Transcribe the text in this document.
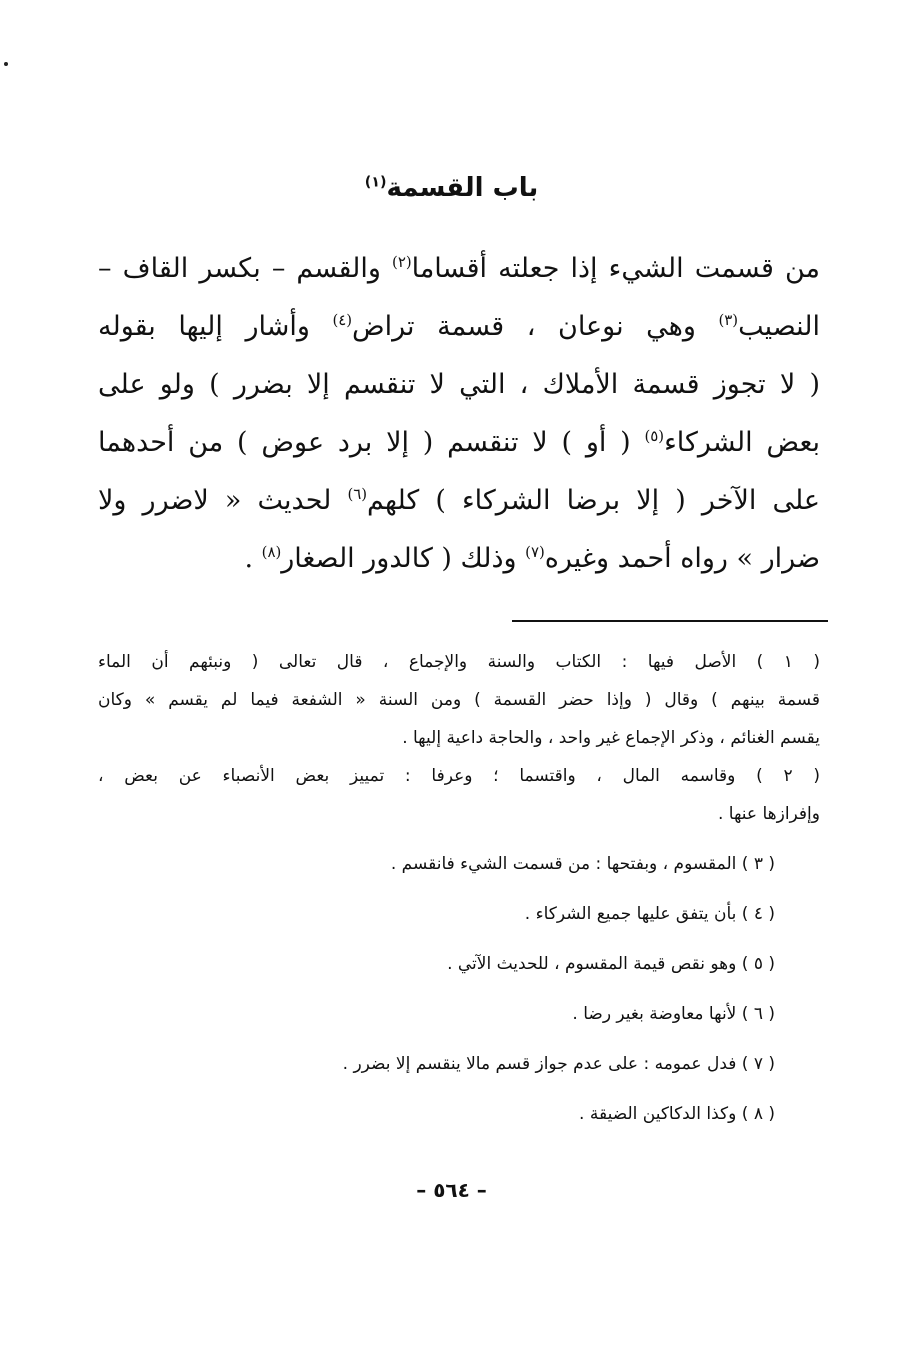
باب القسمة$^{(١)}$
من قسمت الشيء إذا جعلته أقساما$^{(٢)}$ والقسم – بكسر القاف –
النصيب$^{(٣)}$ وهي نوعان ، قسمة تراض$^{(٤)}$ وأشار إليها بقوله
( لا تجوز قسمة الأملاك ، التي لا تنقسم إلا بضرر ) ولو على
بعض الشركاء$^{(٥)}$ ( أو ) لا تنقسم ( إلا برد عوض ) من أحدهما
على الآخر ( إلا برضا الشركاء ) كلهم$^{(٦)}$ لحديث « لاضرر ولا
ضرار » رواه أحمد وغيره$^{(٧)}$ وذلك ( كالدور الصغار$^{(٨)}$ .
( ١ ) الأصل فيها : الكتاب والسنة والإجماع ، قال تعالى ( ونبئهم أن الماء
قسمة بينهم ) وقال ( وإذا حضر القسمة ) ومن السنة « الشفعة فيما لم يقسم » وكان
يقسم الغنائم ، وذكر الإجماع غير واحد ، والحاجة داعية إليها .
( ٢ ) وقاسمه المال ، واقتسما ؛ وعرفا : تمييز بعض الأنصباء عن بعض ،
وإفرازها عنها .
( ٣ ) المقسوم ، وبفتحها : من قسمت الشيء فانقسم .
( ٤ ) بأن يتفق عليها جميع الشركاء .
( ٥ ) وهو نقص قيمة المقسوم ، للحديث الآتي .
( ٦ ) لأنها معاوضة بغير رضا .
( ٧ ) فدل عمومه : على عدم جواز قسم مالا ينقسم إلا بضرر .
( ٨ ) وكذا الدكاكين الضيقة .
– ٥٦٤ –
